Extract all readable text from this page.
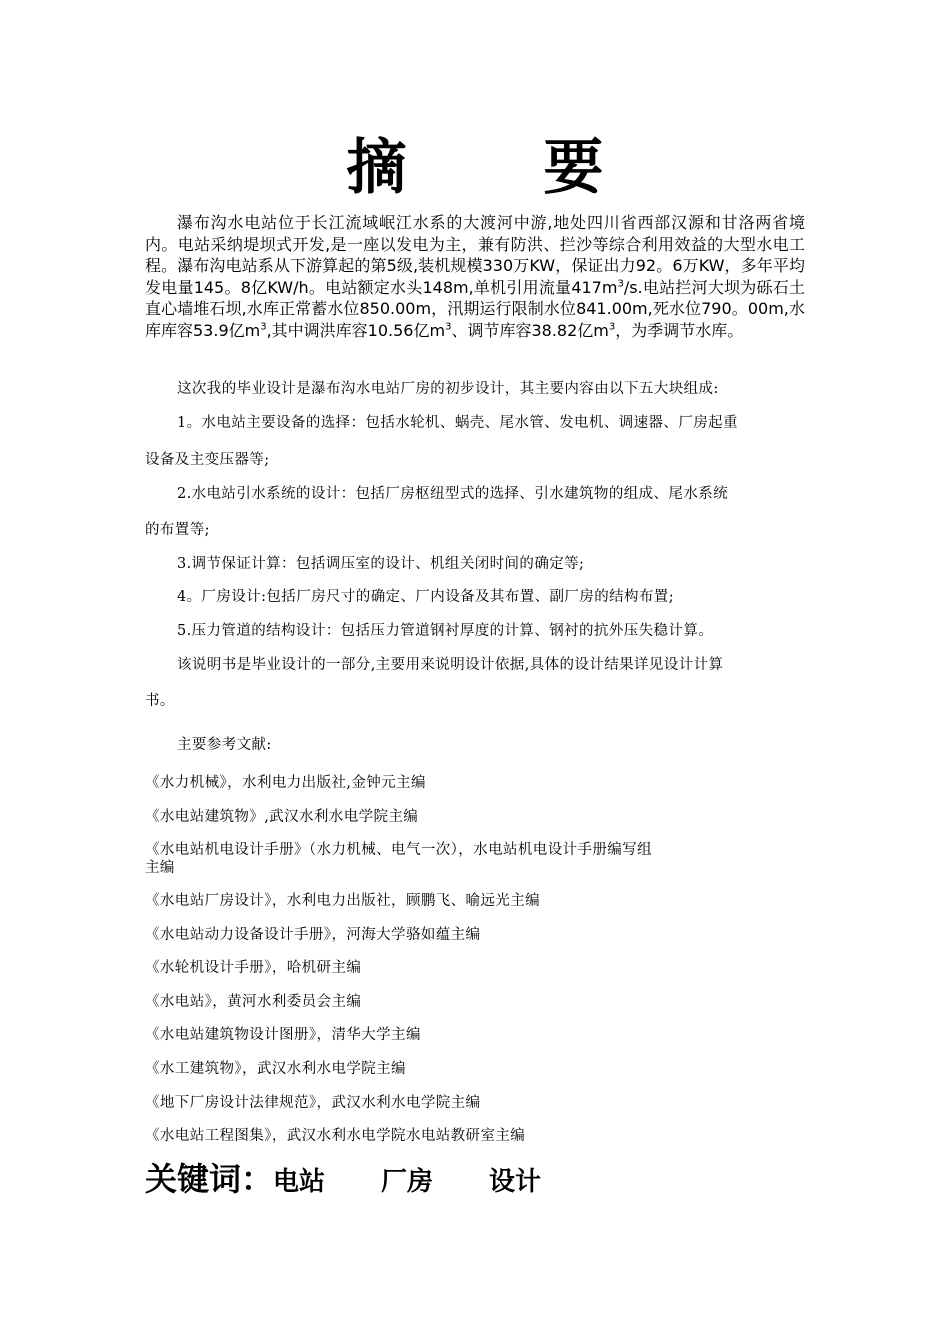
摘 要
瀑布沟水电站位于长江流域岷江水系的大渡河中游,地处四川省西部汉源和甘洛两省境内。电站采纳堤坝式开发,是一座以发电为主，兼有防洪、拦沙等综合利用效益的大型水电工程。瀑布沟电站系从下游算起的第5级,装机规模330万KW，保证出力92。6万KW，多年平均发电量145。8亿KW/h。电站额定水头148m,单机引用流量$417m^3/s$.电站拦河大坝为砾石土直心墙堆石坝,水库正常蓄水位850.00m，汛期运行限制水位841.00m,死水位790。00m,水库库容53.9亿$m^3$,其中调洪库容10.56亿$m^3$、调节库容38.82亿$m^3$，为季调节水库。
这次我的毕业设计是瀑布沟水电站厂房的初步设计，其主要内容由以下五大块组成:
1。水电站主要设备的选择：包括水轮机、蜗壳、尾水管、发电机、调速器、厂房起重
设备及主变压器等;
2.水电站引水系统的设计：包括厂房枢纽型式的选择、引水建筑物的组成、尾水系统
的布置等;
3.调节保证计算：包括调压室的设计、机组关闭时间的确定等;
4。厂房设计:包括厂房尺寸的确定、厂内设备及其布置、副厂房的结构布置;
5.压力管道的结构设计：包括压力管道钢衬厚度的计算、钢衬的抗外压失稳计算。
该说明书是毕业设计的一部分,主要用来说明设计依据,具体的设计结果详见设计计算
书。
主要参考文献:
《水力机械》，水利电力出版社,金钟元主编
《水电站建筑物》,武汉水利水电学院主编
《水电站机电设计手册》（水力机械、电气一次），水电站机电设计手册编写组
主编
《水电站厂房设计》，水利电力出版社，顾鹏飞、喻远光主编
《水电站动力设备设计手册》，河海大学骆如蕴主编
《水轮机设计手册》，哈机研主编
《水电站》，黄河水利委员会主编
《水电站建筑物设计图册》，清华大学主编
《水工建筑物》，武汉水利水电学院主编
《地下厂房设计法律规范》，武汉水利水电学院主编
《水电站工程图集》，武汉水利水电学院水电站教研室主编
关键词：电站 厂房 设计
